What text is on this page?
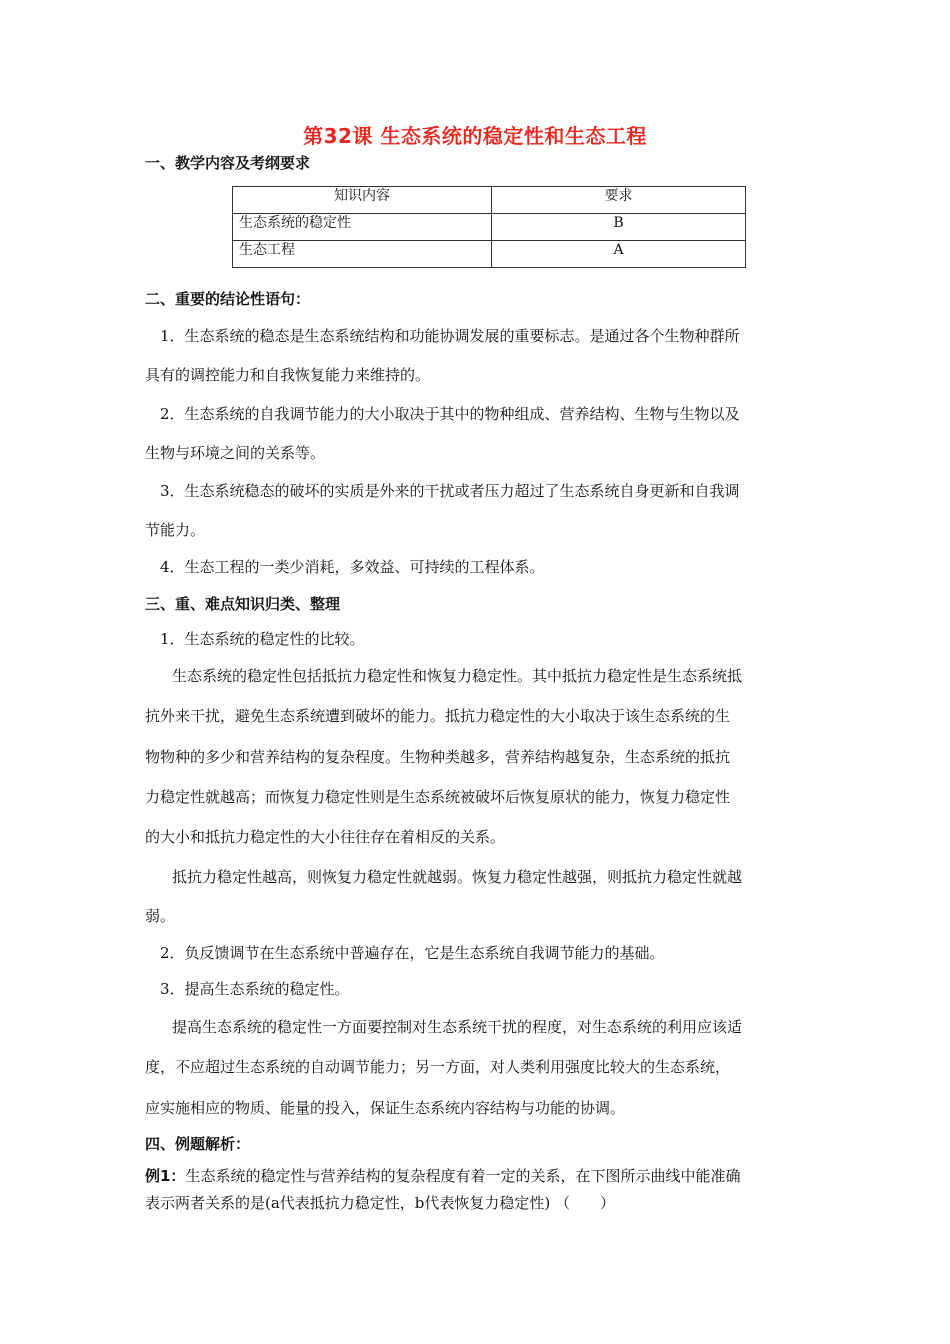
第32课 生态系统的稳定性和生态工程
一、教学内容及考纲要求
知识内容	要求
生态系统的稳定性	B
生态工程	A
二、重要的结论性语句：
1．生态系统的稳态是生态系统结构和功能协调发展的重要标志。是通过各个生物种群所
具有的调控能力和自我恢复能力来维持的。
2．生态系统的自我调节能力的大小取决于其中的物种组成、营养结构、生物与生物以及
生物与环境之间的关系等。
3．生态系统稳态的破坏的实质是外来的干扰或者压力超过了生态系统自身更新和自我调
节能力。
4．生态工程的一类少消耗，多效益、可持续的工程体系。
三、重、难点知识归类、整理
1．生态系统的稳定性的比较。
生态系统的稳定性包括抵抗力稳定性和恢复力稳定性。其中抵抗力稳定性是生态系统抵
抗外来干扰，避免生态系统遭到破坏的能力。抵抗力稳定性的大小取决于该生态系统的生
物物种的多少和营养结构的复杂程度。生物种类越多，营养结构越复杂，生态系统的抵抗
力稳定性就越高；而恢复力稳定性则是生态系统被破坏后恢复原状的能力，恢复力稳定性
的大小和抵抗力稳定性的大小往往存在着相反的关系。
抵抗力稳定性越高，则恢复力稳定性就越弱。恢复力稳定性越强，则抵抗力稳定性就越
弱。
2．负反馈调节在生态系统中普遍存在，它是生态系统自我调节能力的基础。
3．提高生态系统的稳定性。
提高生态系统的稳定性一方面要控制对生态系统干扰的程度，对生态系统的利用应该适
度，不应超过生态系统的自动调节能力；另一方面，对人类利用强度比较大的生态系统，
应实施相应的物质、能量的投入，保证生态系统内容结构与功能的协调。
四、例题解析：
例1：生态系统的稳定性与营养结构的复杂程度有着一定的关系，在下图所示曲线中能准确
表示两者关系的是(a代表抵抗力稳定性，b代表恢复力稳定性) （　　）
